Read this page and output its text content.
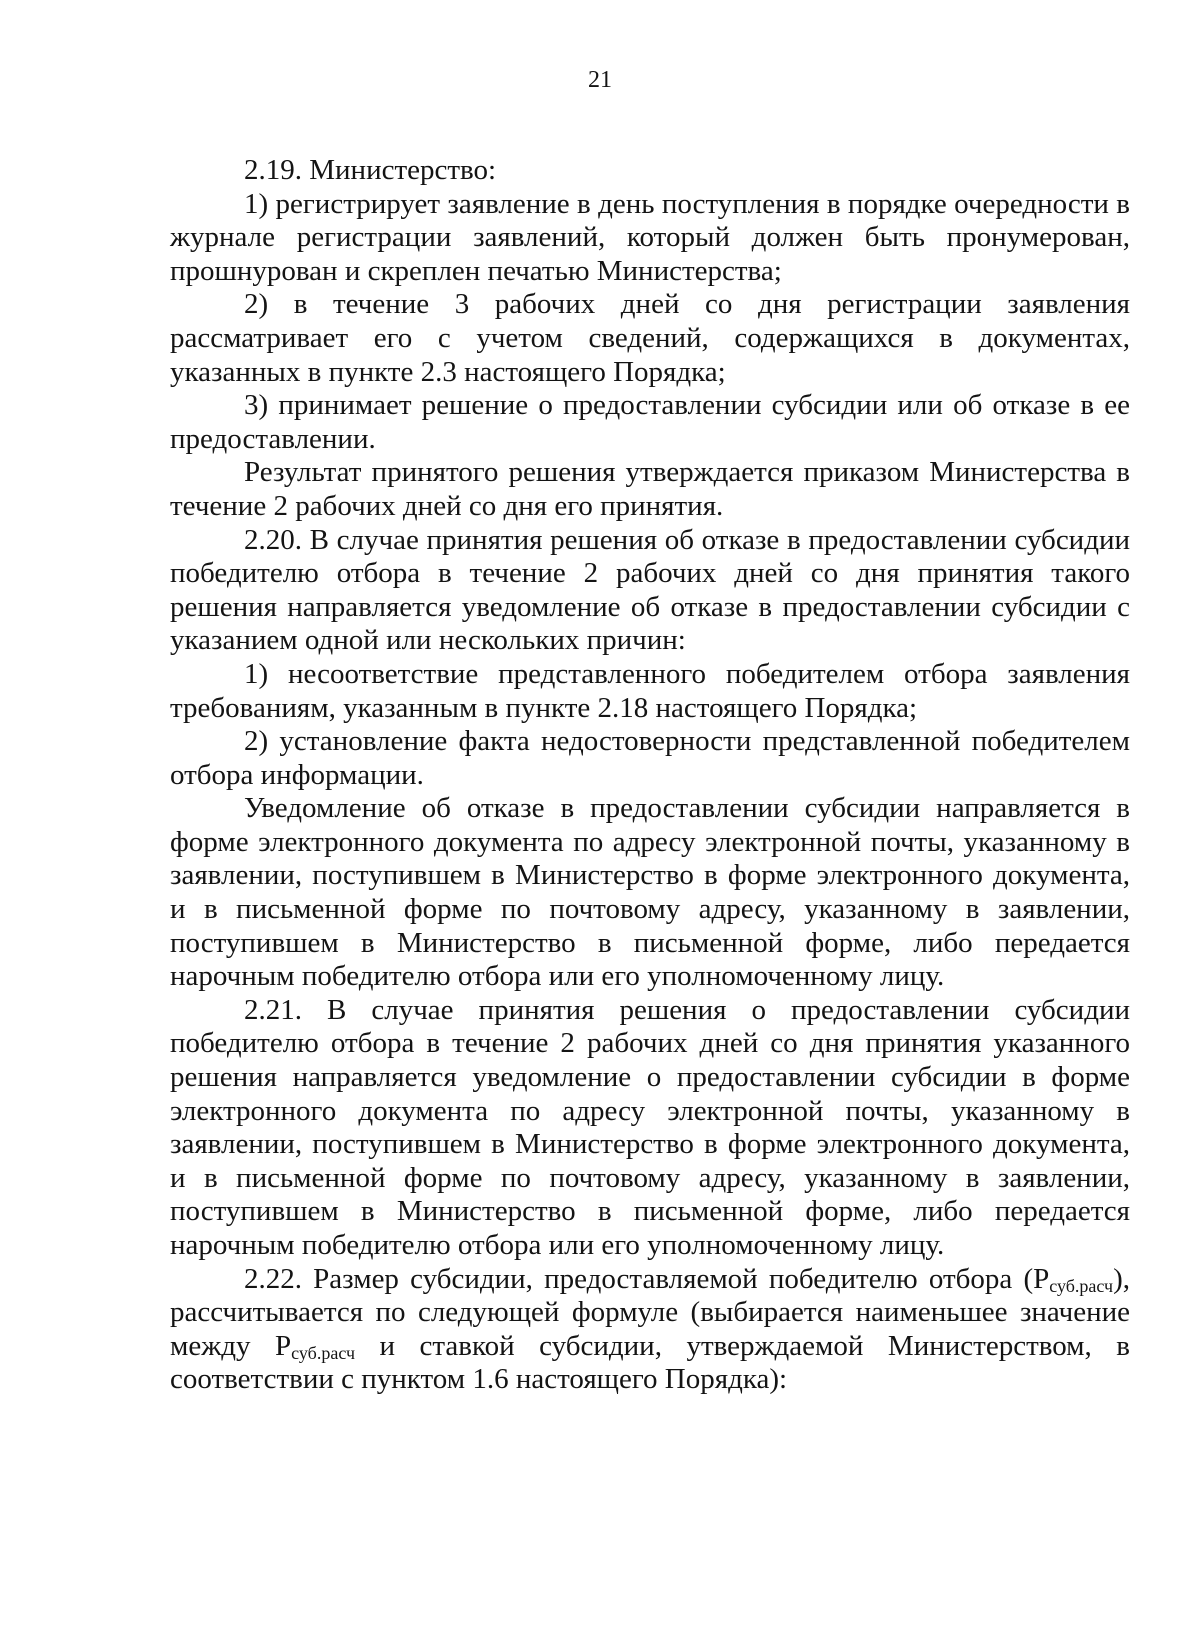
21

2.19. Министерство:

1) регистрирует заявление в день поступления в порядке очередности в журнале регистрации заявлений, который должен быть пронумерован, прошнурован и скреплен печатью Министерства;

2) в течение 3 рабочих дней со дня регистрации заявления рассматривает его с учетом сведений, содержащихся в документах, указанных в пункте 2.3 настоящего Порядка;

3) принимает решение о предоставлении субсидии или об отказе в ее предоставлении.

Результат принятого решения утверждается приказом Министерства в течение 2 рабочих дней со дня его принятия.

2.20. В случае принятия решения об отказе в предоставлении субсидии победителю отбора в течение 2 рабочих дней со дня принятия такого решения направляется уведомление об отказе в предоставлении субсидии с указанием одной или нескольких причин:

1) несоответствие представленного победителем отбора заявления требованиям, указанным в пункте 2.18 настоящего Порядка;

2) установление факта недостоверности представленной победителем отбора информации.

Уведомление об отказе в предоставлении субсидии направляется в форме электронного документа по адресу электронной почты, указанному в заявлении, поступившем в Министерство в форме электронного документа, и в письменной форме по почтовому адресу, указанному в заявлении, поступившем в Министерство в письменной форме, либо передается нарочным победителю отбора или его уполномоченному лицу.

2.21. В случае принятия решения о предоставлении субсидии победителю отбора в течение 2 рабочих дней со дня принятия указанного решения направляется уведомление о предоставлении субсидии в форме электронного документа по адресу электронной почты, указанному в заявлении, поступившем в Министерство в форме электронного документа, и в письменной форме по почтовому адресу, указанному в заявлении, поступившем в Министерство в письменной форме, либо передается нарочным победителю отбора или его уполномоченному лицу.

2.22. Размер субсидии, предоставляемой победителю отбора $(Р_{суб.расч})$, рассчитывается по следующей формуле (выбирается наименьшее значение между $Р_{суб.расч}$ и ставкой субсидии, утверждаемой Министерством, в соответствии с пунктом 1.6 настоящего Порядка):
